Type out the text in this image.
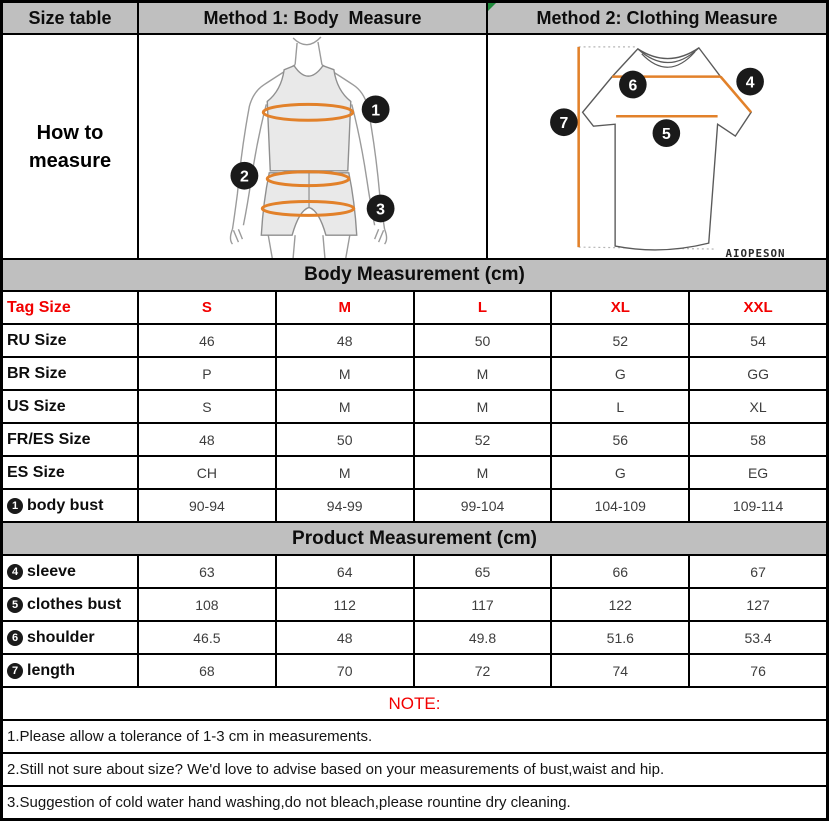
Size table	Method 1: Body  Measure	Method 2: Clothing Measure
How to measure
1
2
3
6	4
5
7
AIOPESON
Body Measurement (cm)
Tag Size	S	M	L	XL	XXL
RU Size	46	48	50	52	54
BR Size	P	M	M	G	GG
US Size	S	M	M	L	XL
FR/ES Size	48	50	52	56	58
ES Size	CH	M	M	G	EG
1 body bust	90-94	94-99	99-104	104-109	109-114
Product Measurement (cm)
4 sleeve	63	64	65	66	67
5 clothes bust	108	112	117	122	127
6 shoulder	46.5	48	49.8	51.6	53.4
7 length	68	70	72	74	76
NOTE:
1.Please allow a tolerance of 1-3 cm in measurements.
2.Still not sure about size? We'd love to advise based on your measurements of bust,waist and hip.
3.Suggestion of cold water hand washing,do not bleach,please rountine dry cleaning.
